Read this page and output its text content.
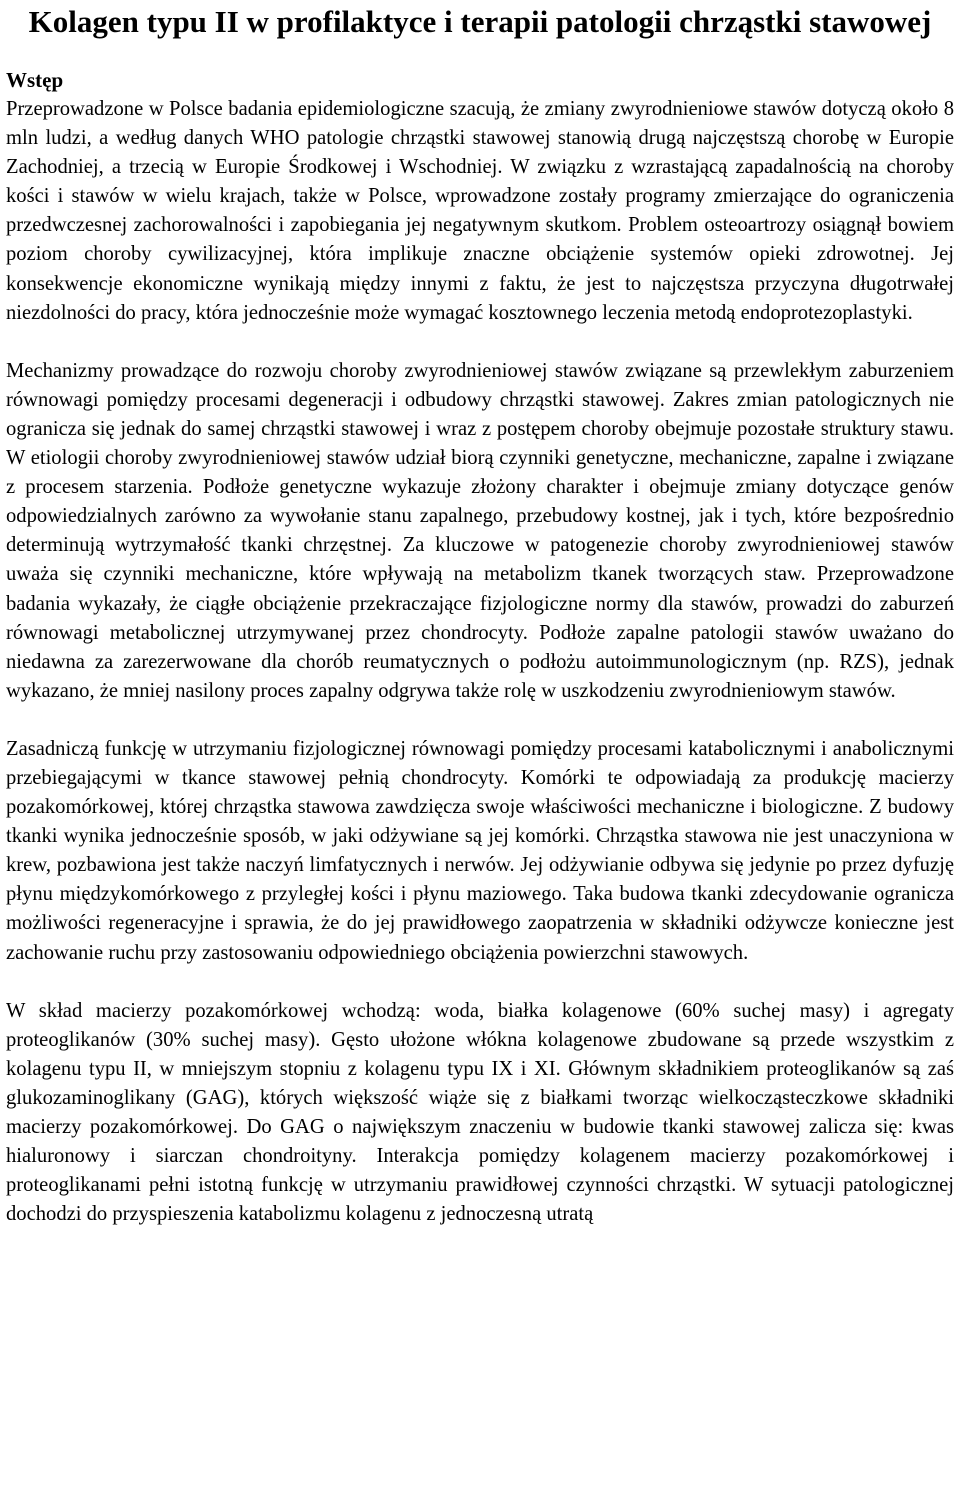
Kolagen typu II w profilaktyce i terapii patologii chrząstki stawowej
Wstęp

Przeprowadzone w Polsce badania epidemiologiczne szacują, że zmiany zwyrodnieniowe stawów dotyczą około 8 mln ludzi, a według danych WHO patologie chrząstki stawowej stanowią drugą najczęstszą chorobę w Europie Zachodniej, a trzecią w Europie Środkowej i Wschodniej. W związku z wzrastającą zapadalnością na choroby kości i stawów w wielu krajach, także w Polsce, wprowadzone zostały programy zmierzające do ograniczenia przedwczesnej zachorowalności i zapobiegania jej negatywnym skutkom. Problem osteoartrozy osiągnął bowiem poziom choroby cywilizacyjnej, która implikuje znaczne obciążenie systemów opieki zdrowotnej. Jej konsekwencje ekonomiczne wynikają między innymi z faktu, że jest to najczęstsza przyczyna długotrwałej niezdolności do pracy, która jednocześnie może wymagać kosztownego leczenia metodą endoprotezoplastyki.

Mechanizmy prowadzące do rozwoju choroby zwyrodnieniowej stawów związane są przewlekłym zaburzeniem równowagi pomiędzy procesami degeneracji i odbudowy chrząstki stawowej. Zakres zmian patologicznych nie ogranicza się jednak do samej chrząstki stawowej i wraz z postępem choroby obejmuje pozostałe struktury stawu. W etiologii choroby zwyrodnieniowej stawów udział biorą czynniki genetyczne, mechaniczne, zapalne i związane z procesem starzenia. Podłoże genetyczne wykazuje złożony charakter i obejmuje zmiany dotyczące genów odpowiedzialnych zarówno za wywołanie stanu zapalnego, przebudowy kostnej, jak i tych, które bezpośrednio determinują wytrzymałość tkanki chrzęstnej. Za kluczowe w patogenezie choroby zwyrodnieniowej stawów uważa się czynniki mechaniczne, które wpływają na metabolizm tkanek tworzących staw. Przeprowadzone badania wykazały, że ciągłe obciążenie przekraczające fizjologiczne normy dla stawów, prowadzi do zaburzeń równowagi metabolicznej utrzymywanej przez chondrocyty. Podłoże zapalne patologii stawów uważano do niedawna za zarezerwowane dla chorób reumatycznych o podłożu autoimmunologicznym (np. RZS), jednak wykazano, że mniej nasilony proces zapalny odgrywa także rolę w uszkodzeniu zwyrodnieniowym stawów.

Zasadniczą funkcję w utrzymaniu fizjologicznej równowagi pomiędzy procesami katabolicznymi i anabolicznymi przebiegającymi w tkance stawowej pełnią chondrocyty. Komórki te odpowiadają za produkcję macierzy pozakomórkowej, której chrząstka stawowa zawdzięcza swoje właściwości mechaniczne i biologiczne. Z budowy tkanki wynika jednocześnie sposób, w jaki odżywiane są jej komórki. Chrząstka stawowa nie jest unaczyniona w krew, pozbawiona jest także naczyń limfatycznych i nerwów. Jej odżywianie odbywa się jedynie po przez dyfuzję płynu międzykomórkowego z przyległej kości i płynu maziowego. Taka budowa tkanki zdecydowanie ogranicza możliwości regeneracyjne i sprawia, że do jej prawidłowego zaopatrzenia w składniki odżywcze konieczne jest zachowanie ruchu przy zastosowaniu odpowiedniego obciążenia powierzchni stawowych.

W skład macierzy pozakomórkowej wchodzą: woda, białka kolagenowe (60% suchej masy) i agregaty proteoglikanów (30% suchej masy). Gęsto ułożone włókna kolagenowe zbudowane są przede wszystkim z kolagenu typu II, w mniejszym stopniu z kolagenu typu IX i XI. Głównym składnikiem proteoglikanów są zaś glukozaminoglikany (GAG), których większość wiąże się z białkami tworząc wielkocząsteczkowe składniki macierzy pozakomórkowej. Do GAG o największym znaczeniu w budowie tkanki stawowej zalicza się: kwas hialuronowy i siarczan chondroityny. Interakcja pomiędzy kolagenem macierzy pozakomórkowej i proteoglikanami pełni istotną funkcję w utrzymaniu prawidłowej czynności chrząstki. W sytuacji patologicznej dochodzi do przyspieszenia katabolizmu kolagenu z jednoczesną utratą
